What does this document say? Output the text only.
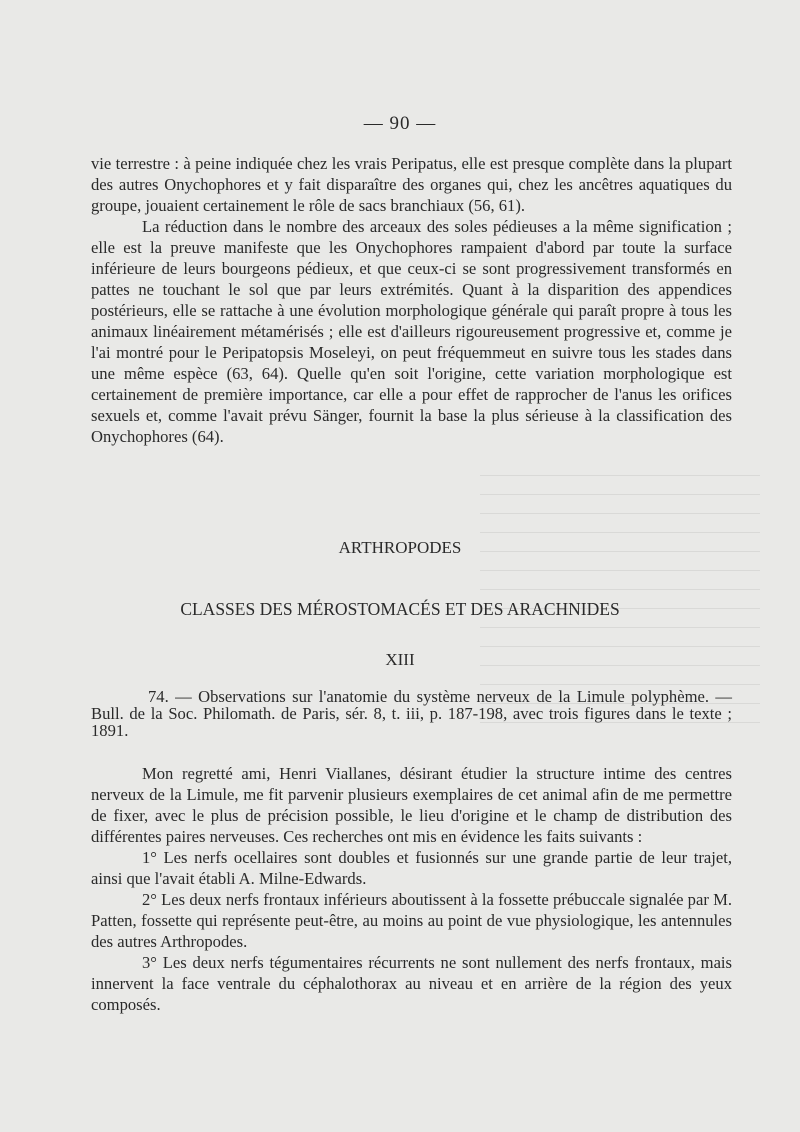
— 90 —

vie terrestre : à peine indiquée chez les vrais Peripatus, elle est presque complète dans la plupart des autres Onychophores et y fait disparaître des organes qui, chez les ancêtres aquatiques du groupe, jouaient certainement le rôle de sacs branchiaux (56, 61).

La réduction dans le nombre des arceaux des soles pédieuses a la même signification ; elle est la preuve manifeste que les Onychophores rampaient d'abord par toute la surface inférieure de leurs bourgeons pédieux, et que ceux-ci se sont progressivement transformés en pattes ne touchant le sol que par leurs extrémités. Quant à la disparition des appendices postérieurs, elle se rattache à une évolution morphologique générale qui paraît propre à tous les animaux linéairement métamérisés ; elle est d'ailleurs rigoureusement progressive et, comme je l'ai montré pour le Peripatopsis Moseleyi, on peut fréquemmeut en suivre tous les stades dans une même espèce (63, 64). Quelle qu'en soit l'origine, cette variation morphologique est certainement de première importance, car elle a pour effet de rapprocher de l'anus les orifices sexuels et, comme l'avait prévu Sänger, fournit la base la plus sérieuse à la classification des Onychophores (64).

ARTHROPODES
CLASSES DES MÉROSTOMACÉS ET DES ARACHNIDES
XIII

74. — Observations sur l'anatomie du système nerveux de la Limule polyphème. — Bull. de la Soc. Philomath. de Paris, sér. 8, t. iii, p. 187-198, avec trois figures dans le texte ; 1891.

Mon regretté ami, Henri Viallanes, désirant étudier la structure intime des centres nerveux de la Limule, me fit parvenir plusieurs exemplaires de cet animal afin de me permettre de fixer, avec le plus de précision possible, le lieu d'origine et le champ de distribution des différentes paires nerveuses. Ces recherches ont mis en évidence les faits suivants :

1° Les nerfs ocellaires sont doubles et fusionnés sur une grande partie de leur trajet, ainsi que l'avait établi A. Milne-Edwards.

2° Les deux nerfs frontaux inférieurs aboutissent à la fossette prébuccale signalée par M. Patten, fossette qui représente peut-être, au moins au point de vue physiologique, les antennules des autres Arthropodes.

3° Les deux nerfs tégumentaires récurrents ne sont nullement des nerfs frontaux, mais innervent la face ventrale du céphalothorax au niveau et en arrière de la région des yeux composés.
